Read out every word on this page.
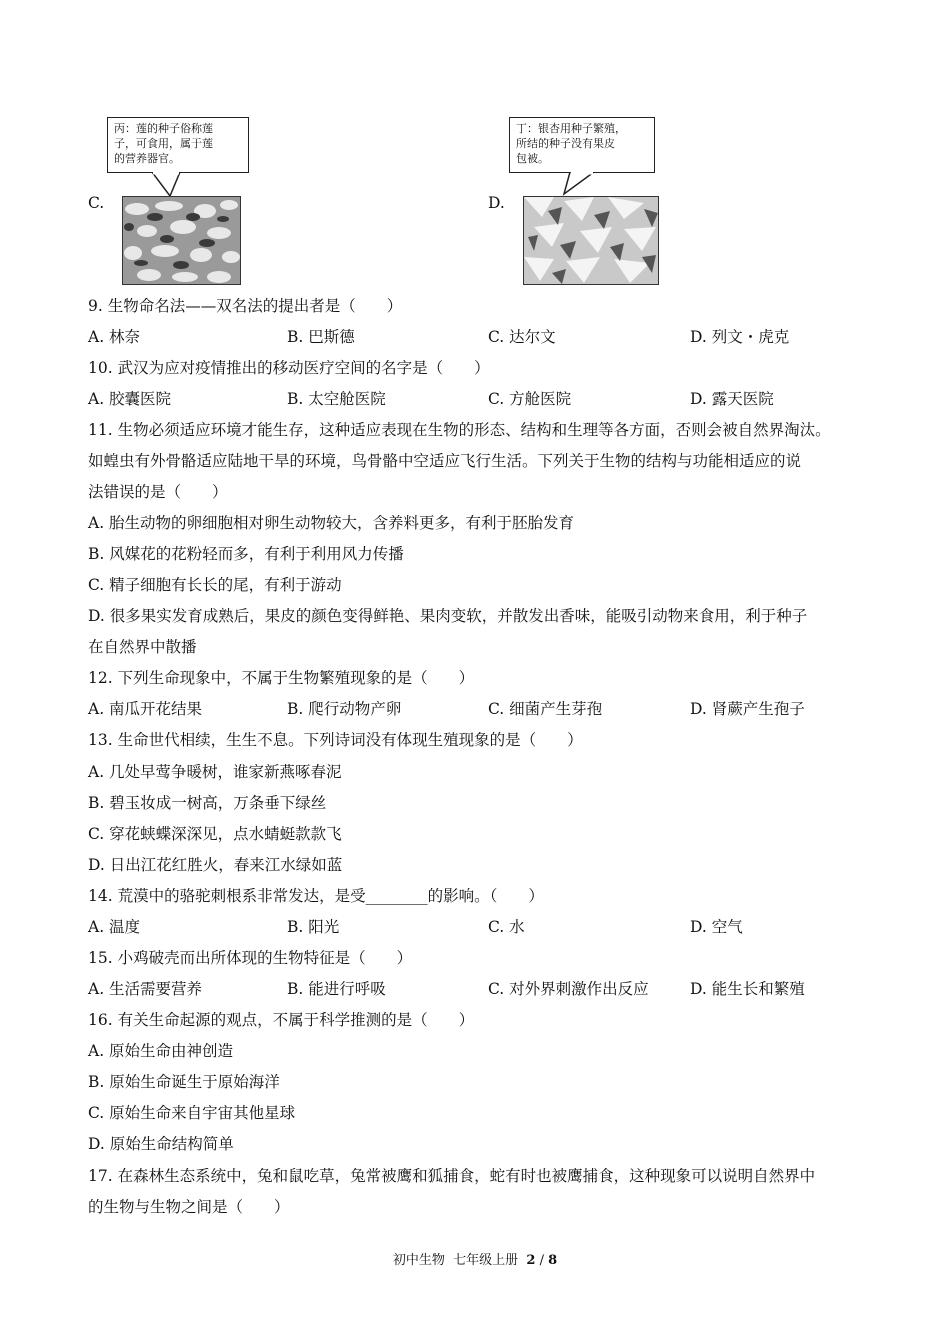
C.
丙：莲的种子俗称莲
子，可食用，属于莲
的营养器官。
D.
丁：银杏用种子繁殖，
所结的种子没有果皮
包被。
9. 生物命名法——双名法的提出者是（　　）
A. 林奈	B. 巴斯德	C. 达尔文	D. 列文・虎克
10. 武汉为应对疫情推出的移动医疗空间的名字是（　　）
A. 胶囊医院	B. 太空舱医院	C. 方舱医院	D. 露天医院
11. 生物必须适应环境才能生存，这种适应表现在生物的形态、结构和生理等各方面，否则会被自然界淘汰。
如蝗虫有外骨骼适应陆地干旱的环境，鸟骨骼中空适应飞行生活。下列关于生物的结构与功能相适应的说
法错误的是（　　）
A. 胎生动物的卵细胞相对卵生动物较大，含养料更多，有利于胚胎发育
B. 风媒花的花粉轻而多，有利于利用风力传播
C. 精子细胞有长长的尾，有利于游动
D. 很多果实发育成熟后，果皮的颜色变得鲜艳、果肉变软，并散发出香味，能吸引动物来食用，利于种子
在自然界中散播
12. 下列生命现象中，不属于生物繁殖现象的是（　　）
A. 南瓜开花结果	B. 爬行动物产卵	C. 细菌产生芽孢	D. 肾蕨产生孢子
13. 生命世代相续，生生不息。下列诗词没有体现生殖现象的是（　　）
A. 几处早莺争暖树，谁家新燕啄春泥
B. 碧玉妆成一树高，万条垂下绿丝
C. 穿花蛱蝶深深见，点水蜻蜓款款飞
D. 日出江花红胜火，春来江水绿如蓝
14. 荒漠中的骆驼刺根系非常发达，是受________的影响。（　　）
A. 温度	B. 阳光	C. 水	D. 空气
15. 小鸡破壳而出所体现的生物特征是（　　）
A. 生活需要营养	B. 能进行呼吸	C. 对外界刺激作出反应	D. 能生长和繁殖
16. 有关生命起源的观点，不属于科学推测的是（　　）
A. 原始生命由神创造
B. 原始生命诞生于原始海洋
C. 原始生命来自宇宙其他星球
D. 原始生命结构简单
17. 在森林生态系统中，兔和鼠吃草，兔常被鹰和狐捕食，蛇有时也被鹰捕食，这种现象可以说明自然界中
的生物与生物之间是（　　）
初中生物 七年级上册 2 / 8
